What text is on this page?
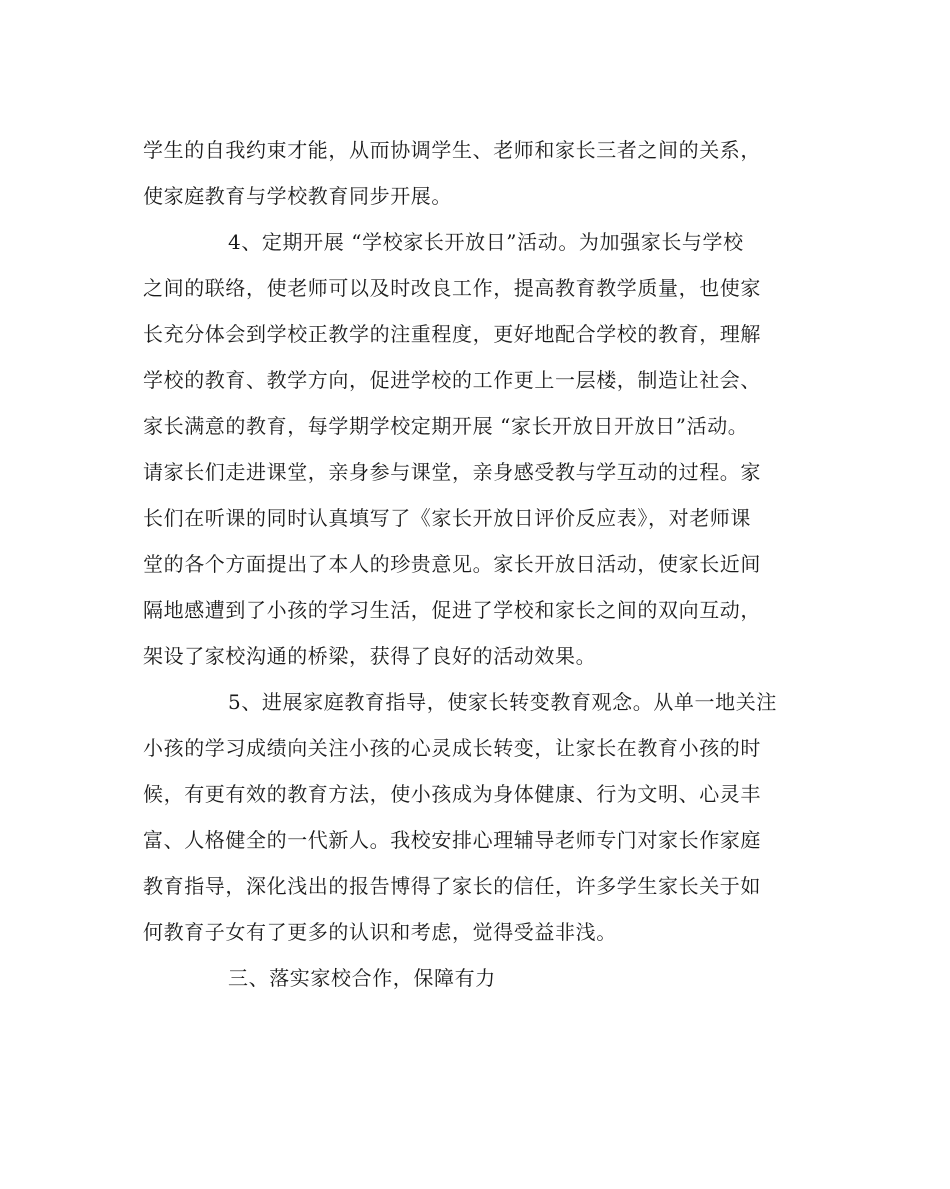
学生的自我约束才能，从而协调学生、老师和家长三者之间的关系，
使家庭教育与学校教育同步开展。
4、定期开展 “学校家长开放日”活动。为加强家长与学校
之间的联络，使老师可以及时改良工作，提高教育教学质量，也使家
长充分体会到学校正教学的注重程度，更好地配合学校的教育，理解
学校的教育、教学方向，促进学校的工作更上一层楼，制造让社会、
家长满意的教育，每学期学校定期开展 “家长开放日开放日”活动。
请家长们走进课堂，亲身参与课堂，亲身感受教与学互动的过程。家
长们在听课的同时认真填写了《家长开放日评价反应表》，对老师课
堂的各个方面提出了本人的珍贵意见。家长开放日活动，使家长近间
隔地感遭到了小孩的学习生活，促进了学校和家长之间的双向互动，
架设了家校沟通的桥梁，获得了良好的活动效果。
5、进展家庭教育指导，使家长转变教育观念。从单一地关注
小孩的学习成绩向关注小孩的心灵成长转变，让家长在教育小孩的时
候，有更有效的教育方法，使小孩成为身体健康、行为文明、心灵丰
富、人格健全的一代新人。我校安排心理辅导老师专门对家长作家庭
教育指导，深化浅出的报告博得了家长的信任，许多学生家长关于如
何教育子女有了更多的认识和考虑，觉得受益非浅。
三、落实家校合作，保障有力
